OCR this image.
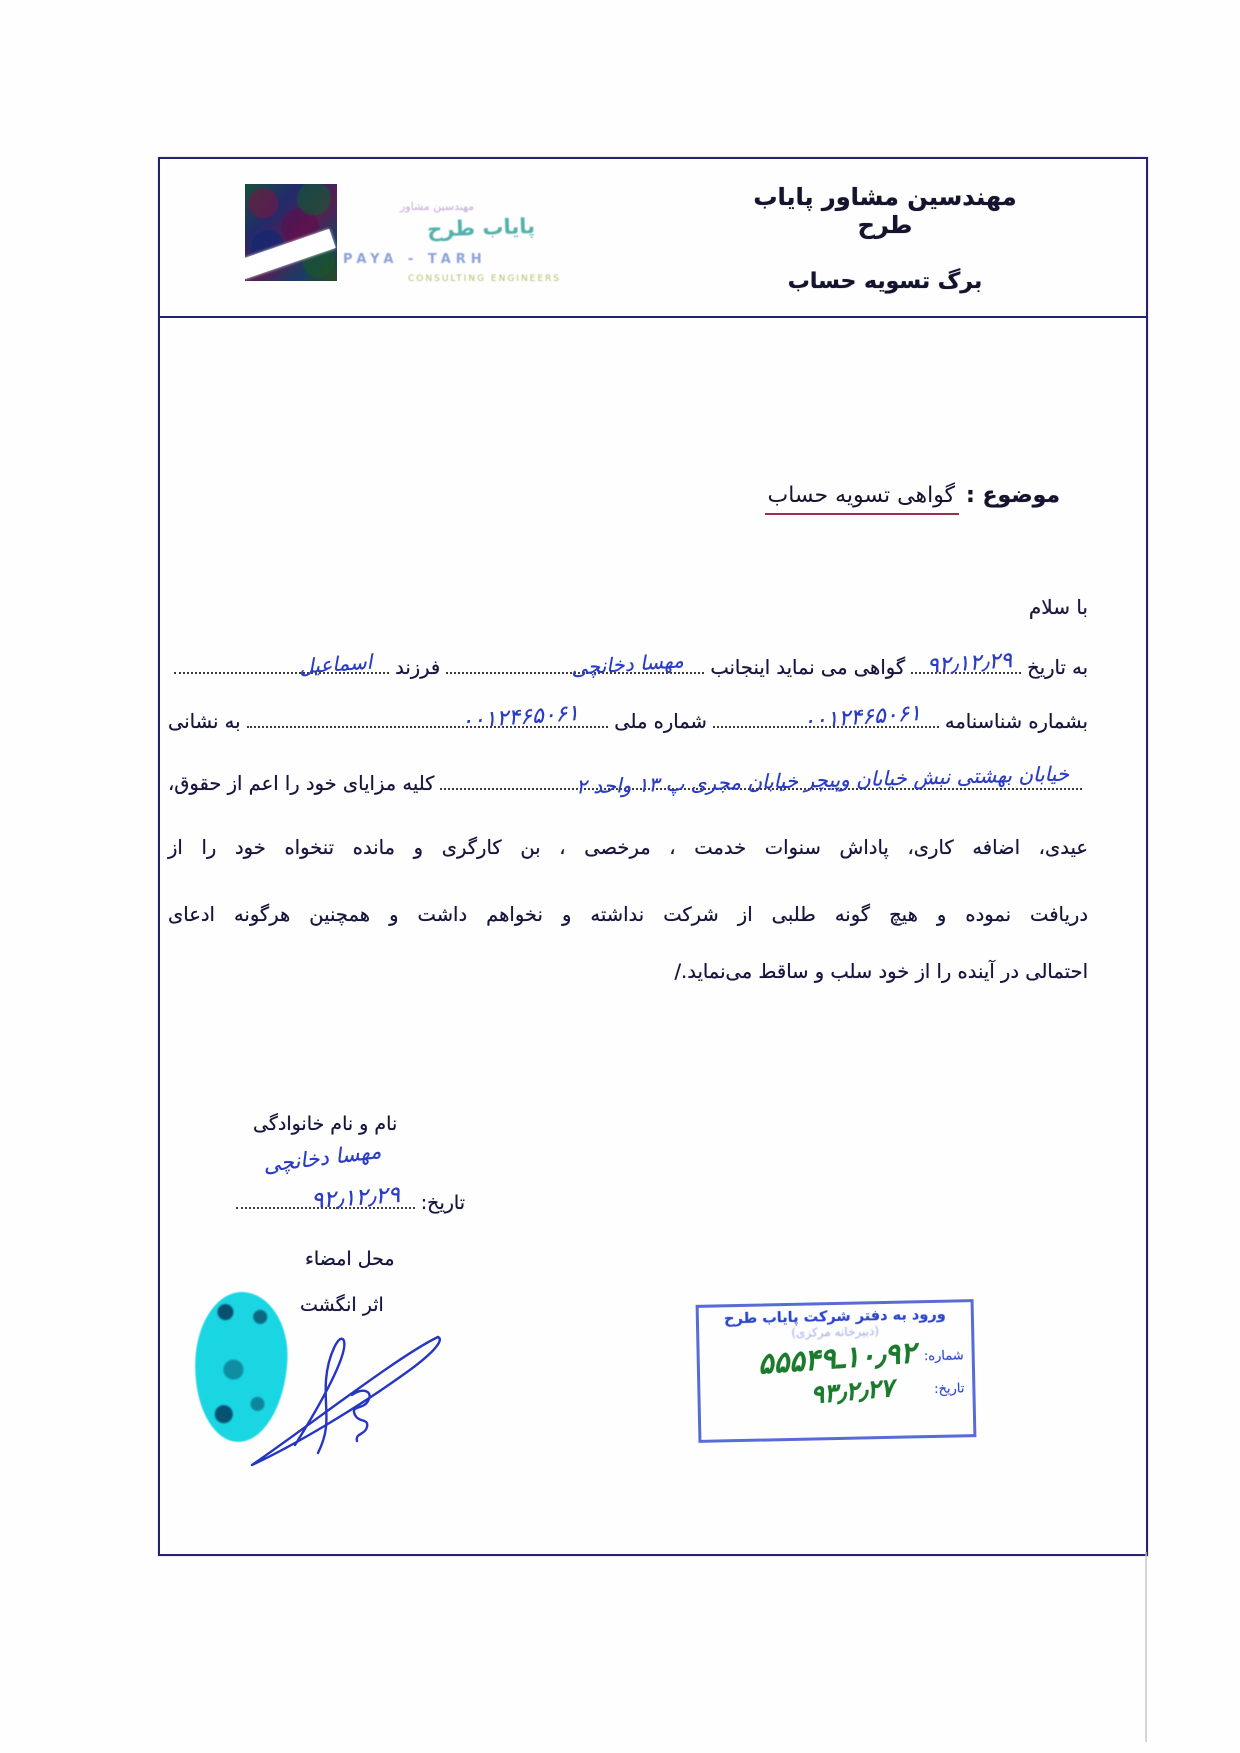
مهندسین مشاور
پایاب طرح
PAYA - TARH
CONSULTING ENGINEERS
مهندسین مشاور پایاب طرح
برگ تسویه حساب
موضوع : گواهی تسویه حساب
با سلام
به تاریخ
۹۲٫۱۲٫۲۹
گواهی می نماید اینجانب
مهسا دخانچی
فرزند
اسماعیل
بشماره شناسنامه
۰۰۱۲۴۶۵۰۶۱
شماره ملی
۰۰۱۲۴۶۵۰۶۱
به نشانی
خیابان بهشتی نبش خیابان وپیچر خیابان مجری پ ۱۳ واحد ۲
کلیه مزایای خود را اعم از حقوق،
عیدی، اضافه کاری، پاداش سنوات خدمت ، مرخصی ، بن کارگری و مانده تنخواه خود را از
دریافت نموده و هیچ گونه طلبی از شرکت نداشته و نخواهم داشت و همچنین هرگونه ادعای
احتمالی در آینده را از خود سلب و ساقط می‌نماید./
نام و نام خانوادگی
مهسا دخانچی
تاریخ:
۹۲٫۱۲٫۲۹
محل امضاء
اثر انگشت
ورود به دفتر شرکت پایاب طرح
(دبیرخانه مرکزی)
شماره:
۱۰٫۹۲ـ۵۵۵۴۹
تاریخ:
۹۳٫۲٫۲۷
